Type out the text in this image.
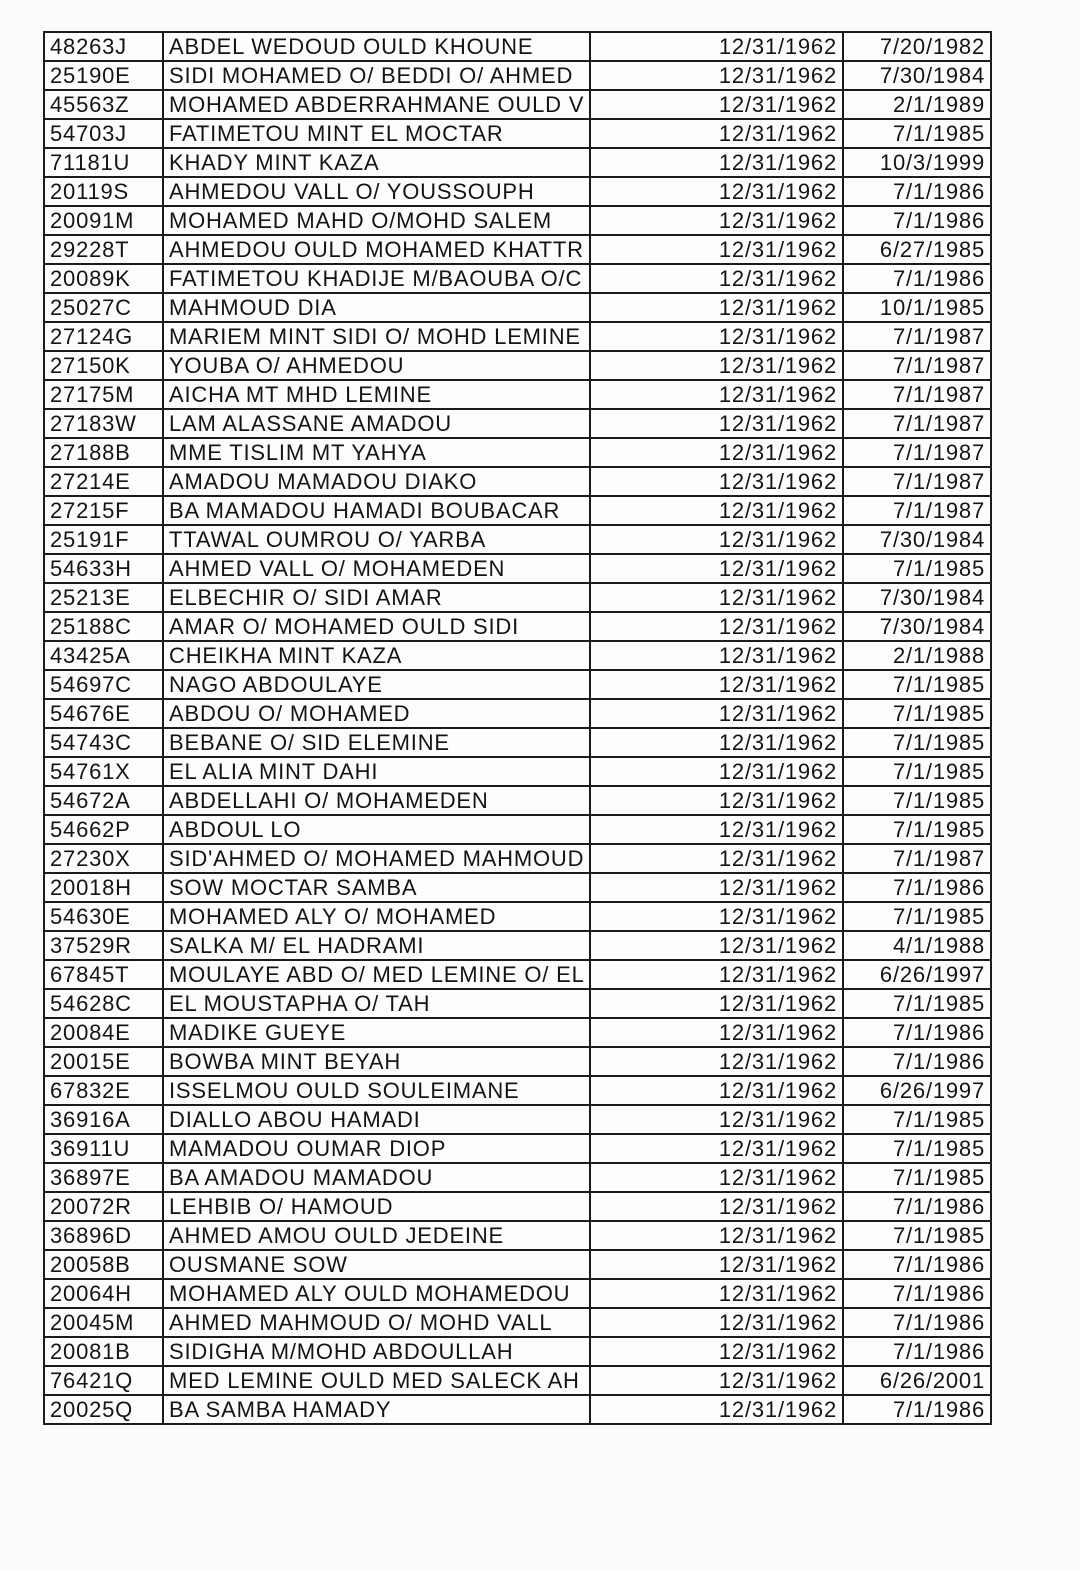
48263J	ABDEL WEDOUD OULD KHOUNE	12/31/1962	7/20/1982
25190E	SIDI MOHAMED O/ BEDDI O/ AHMED	12/31/1962	7/30/1984
45563Z	MOHAMED ABDERRAHMANE OULD V	12/31/1962	2/1/1989
54703J	FATIMETOU MINT EL MOCTAR	12/31/1962	7/1/1985
71181U	KHADY MINT KAZA	12/31/1962	10/3/1999
20119S	AHMEDOU VALL O/ YOUSSOUPH	12/31/1962	7/1/1986
20091M	MOHAMED MAHD O/MOHD SALEM	12/31/1962	7/1/1986
29228T	AHMEDOU OULD MOHAMED KHATTR	12/31/1962	6/27/1985
20089K	FATIMETOU KHADIJE M/BAOUBA O/C	12/31/1962	7/1/1986
25027C	MAHMOUD DIA	12/31/1962	10/1/1985
27124G	MARIEM MINT SIDI O/ MOHD LEMINE	12/31/1962	7/1/1987
27150K	YOUBA O/ AHMEDOU	12/31/1962	7/1/1987
27175M	AICHA MT MHD LEMINE	12/31/1962	7/1/1987
27183W	LAM ALASSANE AMADOU	12/31/1962	7/1/1987
27188B	MME TISLIM MT YAHYA	12/31/1962	7/1/1987
27214E	AMADOU MAMADOU DIAKO	12/31/1962	7/1/1987
27215F	BA MAMADOU HAMADI BOUBACAR	12/31/1962	7/1/1987
25191F	TTAWAL OUMROU O/ YARBA	12/31/1962	7/30/1984
54633H	AHMED VALL O/ MOHAMEDEN	12/31/1962	7/1/1985
25213E	ELBECHIR O/ SIDI AMAR	12/31/1962	7/30/1984
25188C	AMAR O/ MOHAMED OULD SIDI	12/31/1962	7/30/1984
43425A	CHEIKHA MINT KAZA	12/31/1962	2/1/1988
54697C	NAGO ABDOULAYE	12/31/1962	7/1/1985
54676E	ABDOU O/ MOHAMED	12/31/1962	7/1/1985
54743C	BEBANE O/ SID ELEMINE	12/31/1962	7/1/1985
54761X	EL ALIA MINT DAHI	12/31/1962	7/1/1985
54672A	ABDELLAHI O/ MOHAMEDEN	12/31/1962	7/1/1985
54662P	ABDOUL LO	12/31/1962	7/1/1985
27230X	SID'AHMED O/ MOHAMED MAHMOUD	12/31/1962	7/1/1987
20018H	SOW MOCTAR SAMBA	12/31/1962	7/1/1986
54630E	MOHAMED ALY O/ MOHAMED	12/31/1962	7/1/1985
37529R	SALKA M/ EL HADRAMI	12/31/1962	4/1/1988
67845T	MOULAYE ABD O/ MED LEMINE O/ EL	12/31/1962	6/26/1997
54628C	EL MOUSTAPHA O/ TAH	12/31/1962	7/1/1985
20084E	MADIKE GUEYE	12/31/1962	7/1/1986
20015E	BOWBA MINT BEYAH	12/31/1962	7/1/1986
67832E	ISSELMOU OULD SOULEIMANE	12/31/1962	6/26/1997
36916A	DIALLO ABOU HAMADI	12/31/1962	7/1/1985
36911U	MAMADOU OUMAR DIOP	12/31/1962	7/1/1985
36897E	BA AMADOU MAMADOU	12/31/1962	7/1/1985
20072R	LEHBIB O/ HAMOUD	12/31/1962	7/1/1986
36896D	AHMED AMOU OULD JEDEINE	12/31/1962	7/1/1985
20058B	OUSMANE SOW	12/31/1962	7/1/1986
20064H	MOHAMED ALY OULD MOHAMEDOU	12/31/1962	7/1/1986
20045M	AHMED MAHMOUD O/ MOHD VALL	12/31/1962	7/1/1986
20081B	SIDIGHA M/MOHD ABDOULLAH	12/31/1962	7/1/1986
76421Q	MED LEMINE OULD MED SALECK AH	12/31/1962	6/26/2001
20025Q	BA SAMBA HAMADY	12/31/1962	7/1/1986
